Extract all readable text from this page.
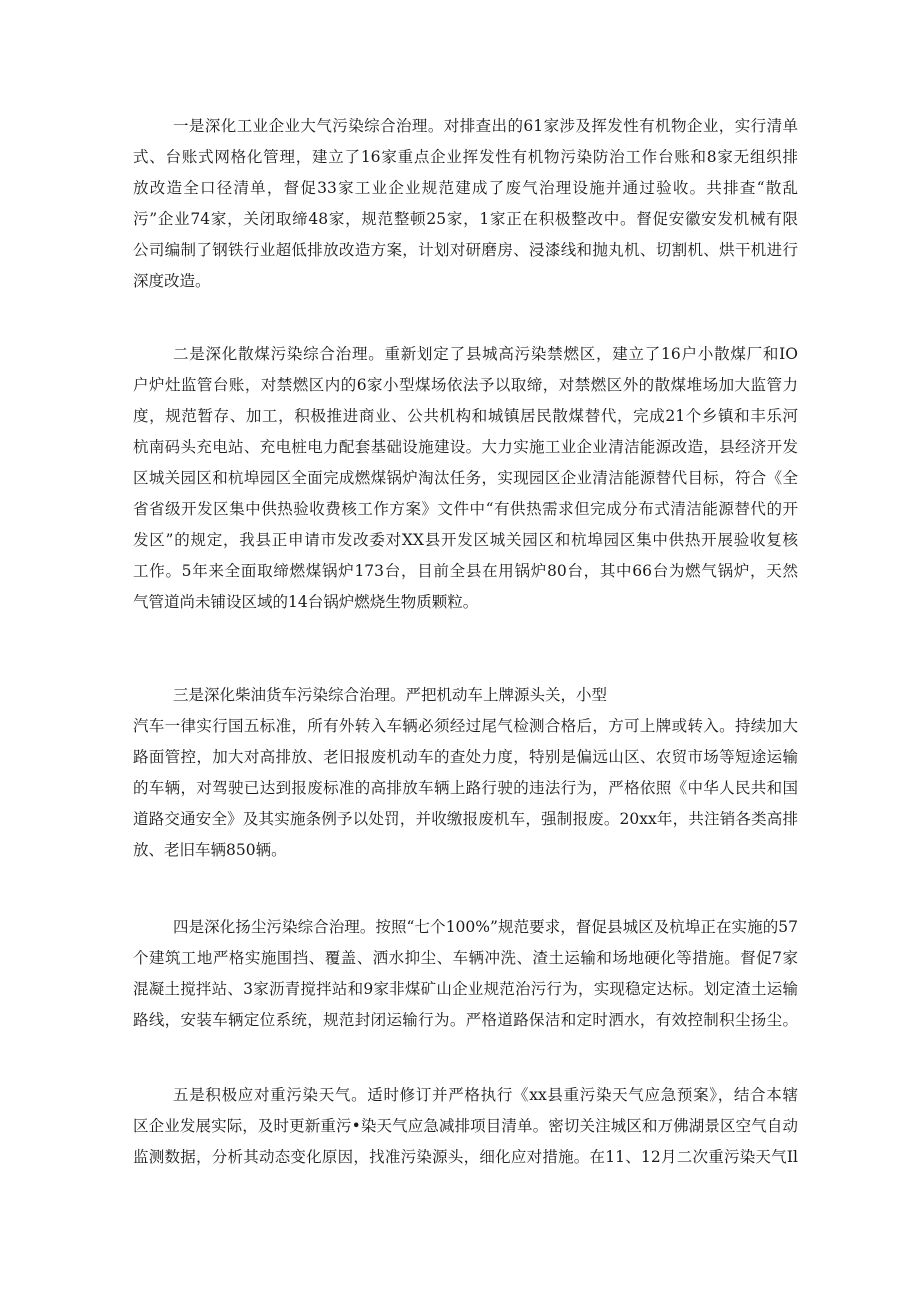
一是深化工业企业大气污染综合治理。对排查出的61家涉及挥发性有机物企业，实行清单
式、台账式网格化管理，建立了16家重点企业挥发性有机物污染防治工作台账和8家无组织排
放改造全口径清单，督促33家工业企业规范建成了废气治理设施并通过验收。共排查“散乱
污”企业74家，关闭取缔48家，规范整顿25家，1家正在积极整改中。督促安徽安发机械有限
公司编制了钢铁行业超低排放改造方案，计划对研磨房、浸漆线和抛丸机、切割机、烘干机进行
深度改造。
二是深化散煤污染综合治理。重新划定了县城高污染禁燃区，建立了16户小散煤厂和IO
户炉灶监管台账，对禁燃区内的6家小型煤场依法予以取缔，对禁燃区外的散煤堆场加大监管力
度，规范暂存、加工，积极推进商业、公共机构和城镇居民散煤替代，完成21个乡镇和丰乐河
杭南码头充电站、充电桩电力配套基础设施建设。大力实施工业企业清洁能源改造，县经济开发
区城关园区和杭埠园区全面完成燃煤锅炉淘汰任务，实现园区企业清洁能源替代目标，符合《全
省省级开发区集中供热验收费核工作方案》文件中“有供热需求但完成分布式清洁能源替代的开
发区”的规定，我县正申请市发改委对XX县开发区城关园区和杭埠园区集中供热开展验收复核
工作。5年来全面取缔燃煤锅炉173台，目前全县在用锅炉80台，其中66台为燃气锅炉，天然
气管道尚未铺设区域的14台锅炉燃烧生物质颗粒。
三是深化柴油货车污染综合治理。严把机动车上牌源头关，小型
汽车一律实行国五标准，所有外转入车辆必须经过尾气检测合格后，方可上牌或转入。持续加大
路面管控，加大对高排放、老旧报废机动车的查处力度，特别是偏远山区、农贸市场等短途运输
的车辆，对驾驶已达到报废标准的高排放车辆上路行驶的违法行为，严格依照《中华人民共和国
道路交通安全》及其实施条例予以处罚，并收缴报废机车，强制报废。20xx年，共注销各类高排
放、老旧车辆850辆。
四是深化扬尘污染综合治理。按照“七个100%”规范要求，督促县城区及杭埠正在实施的57
个建筑工地严格实施围挡、覆盖、洒水抑尘、车辆冲洗、渣土运输和场地硬化等措施。督促7家
混凝土搅拌站、3家沥青搅拌站和9家非煤矿山企业规范治污行为，实现稳定达标。划定渣土运输
路线，安装车辆定位系统，规范封闭运输行为。严格道路保洁和定时洒水，有效控制积尘扬尘。
五是积极应对重污染天气。适时修订并严格执行《xx县重污染天气应急预案》，结合本辖
区企业发展实际，及时更新重污•染天气应急减排项目清单。密切关注城区和万佛湖景区空气自动
监测数据，分析其动态变化原因，找准污染源头，细化应对措施。在11、12月二次重污染天气Il
